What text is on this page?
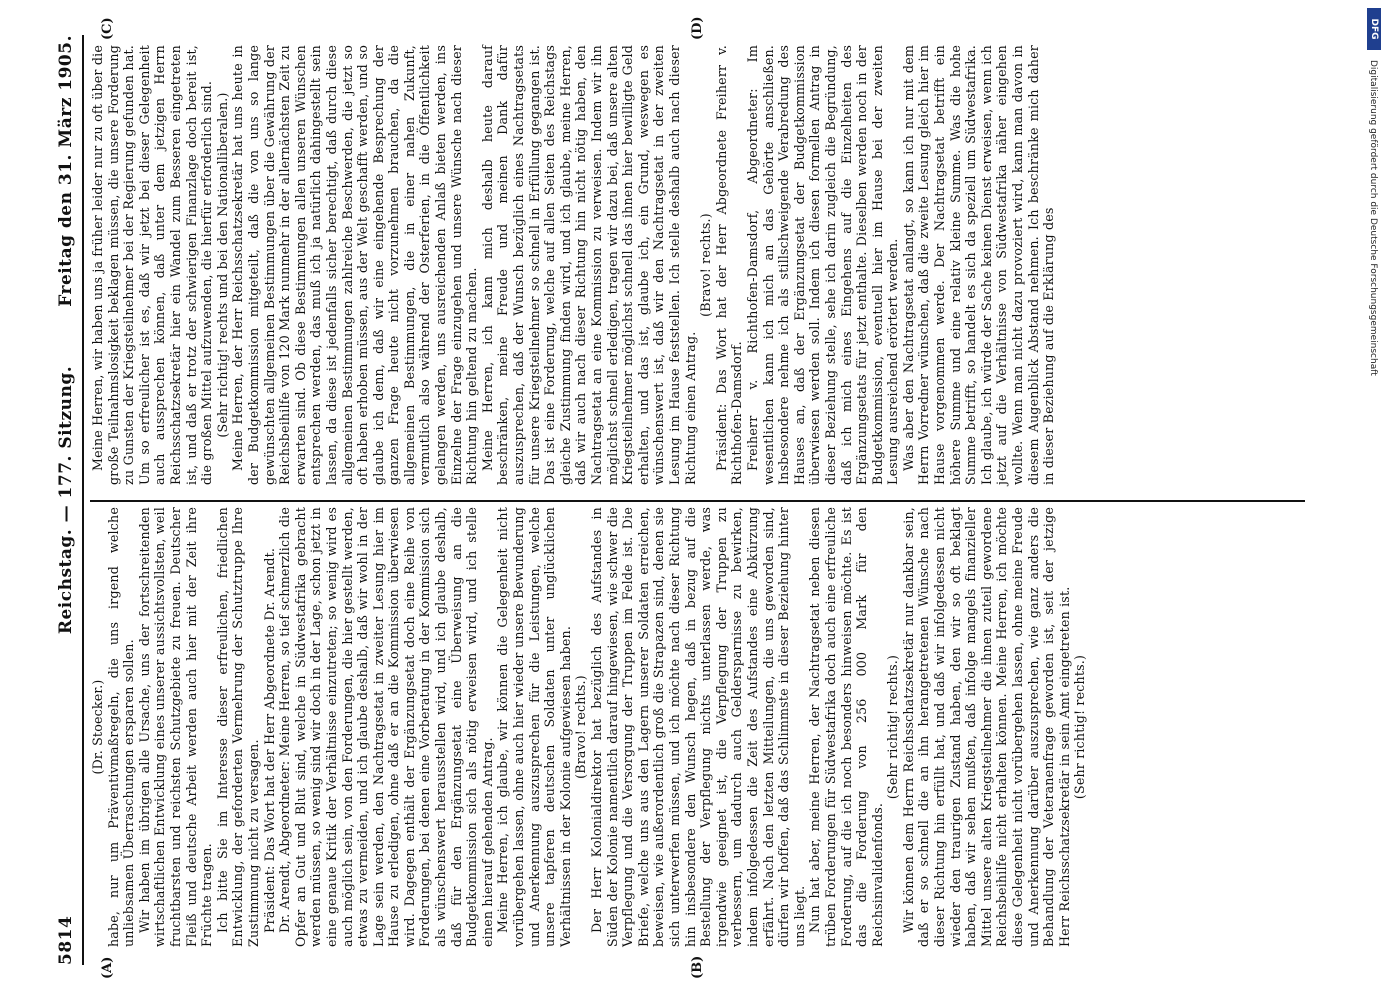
5814
Reichstag. — 177. Sitzung.
Freitag den 31. März 1905.
(A)	(B)
(C)	(D)

(Dr. Stoecker.) habe, nur um Präventivmaßregeln, die uns irgend welche unliebsamen Überraschungen ersparen sollen. Wir haben im übrigen alle Ursache, uns der fortschreitenden wirtschaftlichen Entwicklung eines unserer aussichtsvollsten, weil fruchtbarsten und reichsten Schutzgebiete zu freuen. Deutscher Fleiß und deutsche Arbeit werden auch hier mit der Zeit ihre Früchte tragen. Ich bitte Sie im Interesse dieser erfreulichen, friedlichen Entwicklung, der geforderten Vermehrung der Schutztruppe Ihre Zustimmung nicht zu versagen. Präsident: Das Wort hat der Herr Abgeordnete Dr. Arendt. Dr. Arendt, Abgeordneter: Meine Herren, so tief schmerzlich die Opfer an Gut und Blut sind, welche in Südwestafrika gebracht werden müssen, so wenig sind wir doch in der Lage, schon jetzt in eine genaue Kritik der Verhältnisse einzutreten; so wenig wird es auch möglich sein, von den Forderungen, die hier gestellt werden, etwas zu vermeiden, und ich glaube deshalb, daß wir wohl in der Lage sein werden, den Nachtragsetat in zweiter Lesung hier im Hause zu erledigen, ohne daß er an die Kommission überwiesen wird. Dagegen enthält der Ergänzungsetat doch eine Reihe von Forderungen, bei denen eine Vorberatung in der Kommission sich als wünschenswert herausstellen wird, und ich glaube deshalb, daß für den Ergänzungsetat eine Überweisung an die Budgetkommission sich als nötig erweisen wird, und ich stelle einen hierauf gehenden Antrag. Meine Herren, ich glaube, wir können die Gelegenheit nicht vorübergehen lassen, ohne auch hier wieder unsere Bewunderung und Anerkennung auszusprechen für die Leistungen, welche unsere tapferen deutschen Soldaten unter unglücklichen Verhältnissen in der Kolonie aufgewiesen haben. (Bravo! rechts.) Der Herr Kolonialdirektor hat bezüglich des Aufstandes in Süden der Kolonie namentlich darauf hingewiesen, wie schwer die Verpflegung und die Versorgung der Truppen im Felde ist. Die Briefe, welche uns aus den Lagern unserer Soldaten erreichen, beweisen, wie außerordentlich groß die Strapazen sind, denen sie sich unterwerfen müssen, und ich möchte nach dieser Richtung hin insbesondere den Wunsch hegen, daß in bezug auf die Bestellung der Verpflegung nichts unterlassen werde, was irgendwie geeignet ist, die Verpflegung der Truppen zu verbessern, um dadurch auch Geldersparnisse zu bewirken, indem infolgedessen die Zeit des Aufstandes eine Abkürzung erfährt. Nach den letzten Mitteilungen, die uns geworden sind, dürfen wir hoffen, daß das Schlimmste in dieser Beziehung hinter uns liegt. Nun hat aber, meine Herren, der Nachtragsetat neben diesen trüben Forderungen für Südwestafrika doch auch eine erfreuliche Forderung, auf die ich noch besonders hinweisen möchte. Es ist das die Forderung von 256 000 Mark für den Reichsinvalidenfonds.

(Sehr richtig! rechts.) Wir können dem Herrn Reichsschatzsekretär nur dankbar sein, daß er so schnell die an ihn herangetretenen Wünsche nach dieser Richtung hin erfüllt hat, und daß wir infolgedessen nicht wieder den traurigen Zustand haben, den wir so oft beklagt haben, daß wir sehen mußten, daß infolge mangels finanzieller Mittel unsere alten Kriegsteilnehmer die ihnen zuteil gewordene Reichsbeihilfe nicht erhalten können. Meine Herren, ich möchte diese Gelegenheit nicht vorübergehen lassen, ohne meine Freude und Anerkennung darüber auszusprechen, wie ganz anders die Behandlung der Veteranenfrage geworden ist, seit der jetzige Herr Reichsschatzsekretär in sein Amt eingetreten ist. (Sehr richtig! rechts.)

Meine Herren, wir haben uns ja früher leider nur zu oft über die große Teilnahmslosigkeit beklagen müssen, die unsere Forderung zu Gunsten der Kriegsteilnehmer bei der Regierung gefunden hat. Um so erfreulicher ist es, daß wir jetzt bei dieser Gelegenheit auch aussprechen können, daß unter dem jetzigen Herrn Reichsschatzsekretär hier ein Wandel zum Besseren eingetreten ist, und daß er trotz der schwierigen Finanzlage doch bereit ist, die großen Mittel aufzuwenden, die hierfür erforderlich sind. (Sehr richtig! rechts und bei den Nationalliberalen.) Meine Herren, der Herr Reichsschatzsekretär hat uns heute in der Budgetkommission mitgeteilt, daß die von uns so lange gewünschten allgemeinen Bestimmungen über die Gewährung der Reichsbeihilfe von 120 Mark nunmehr in der allernächsten Zeit zu erwarten sind. Ob diese Bestimmungen allen unseren Wünschen entsprechen werden, das muß ich ja natürlich dahingestellt sein lassen, da diese ist jedenfalls sicher berechtigt, daß durch diese allgemeinen Bestimmungen zahlreiche Beschwerden, die jetzt so oft haben erhoben müssen, aus der Welt geschafft werden, und so glaube ich denn, daß wir eine eingehende Besprechung der ganzen Frage heute nicht vorzunehmen brauchen, da die allgemeinen Bestimmungen, die in einer nahen Zukunft, vermutlich also während der Osterferien, in die Öffentlichkeit gelangen werden, uns ausreichenden Anlaß bieten werden, ins Einzelne der Frage einzugehen und unsere Wünsche nach dieser Richtung hin geltend zu machen. Meine Herren, ich kann mich deshalb heute darauf beschränken, meine Freude und meinen Dank dafür auszusprechen, daß der Wunsch bezüglich eines Nachtragsetats für unsere Kriegsteilnehmer so schnell in Erfüllung gegangen ist. Das ist eine Forderung, welche auf allen Seiten des Reichstags gleiche Zustimmung finden wird, und ich glaube, meine Herren, daß wir auch nach dieser Richtung hin nicht nötig haben, den Nachtragsetat an eine Kommission zu verweisen. Indem wir ihn möglichst schnell erledigen, tragen wir dazu bei, daß unsere alten Kriegsteilnehmer möglichst schnell das ihnen hier bewilligte Geld erhalten, und das ist, glaube ich, ein Grund, weswegen es wünschenswert ist, daß wir den Nachtragsetat in der zweiten Lesung im Hause feststellen. Ich stelle deshalb auch nach dieser Richtung einen Antrag.

(Bravo! rechts.) Präsident: Das Wort hat der Herr Abgeordnete Freiherr v. Richthofen-Damsdorf. Freiherr v. Richthofen-Damsdorf, Abgeordneter: Im wesentlichen kann ich mich an das Gehörte anschließen. Insbesondere nehme ich als stillschweigende Verabredung des Hauses an, daß der Ergänzungsetat der Budgetkommission überwiesen werden soll. Indem ich diesen formellen Antrag in dieser Beziehung stelle, sehe ich darin zugleich die Begründung, daß ich mich eines Eingehens auf die Einzelheiten des Ergänzungsetats für jetzt enthalte. Dieselben werden noch in der Budgetkommission, eventuell hier im Hause bei der zweiten Lesung ausreichend erörtert werden. Was aber den Nachtragsetat anlangt, so kann ich nur mit dem Herrn Vorredner wünschen, daß die zweite Lesung gleich hier im Hause vorgenommen werde. Der Nachtragsetat betrifft ein höhere Summe und eine relativ kleine Summe. Was die hohe Summe betrifft, so handelt es sich da speziell um Südwestafrika. Ich glaube, ich würde der Sache keinen Dienst erweisen, wenn ich jetzt auf die Verhältnisse von Südwestafrika näher eingehen wollte. Wenn man nicht dazu provoziert wird, kann man davon in diesem Augenblick Abstand nehmen. Ich beschränke mich daher in dieser Beziehung auf die Erklärung des

DFG
Digitalisierung gefördert durch die Deutsche Forschungsgemeinschaft
